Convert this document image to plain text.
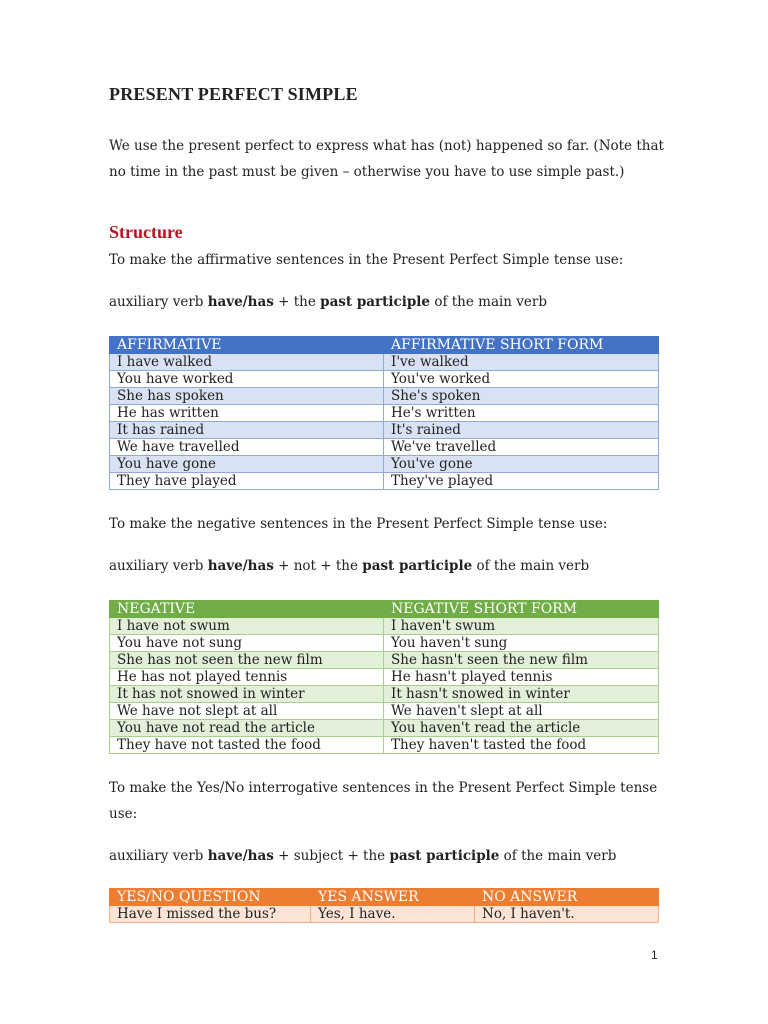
PRESENT PERFECT SIMPLE

We use the present perfect to express what has (not) happened so far. (Note that
no time in the past must be given – otherwise you have to use simple past.)

Structure

To make the affirmative sentences in the Present Perfect Simple tense use:

auxiliary verb have/has + the past participle of the main verb

AFFIRMATIVE	AFFIRMATIVE SHORT FORM
I have walked	I've walked
You have worked	You've worked
She has spoken	She's spoken
He has written	He's written
It has rained	It's rained
We have travelled	We've travelled
You have gone	You've gone
They have played	They've played

To make the negative sentences in the Present Perfect Simple tense use:

auxiliary verb have/has + not + the past participle of the main verb

NEGATIVE	NEGATIVE SHORT FORM
I have not swum	I haven't swum
You have not sung	You haven't sung
She has not seen the new film	She hasn't seen the new film
He has not played tennis	He hasn't played tennis
It has not snowed in winter	It hasn't snowed in winter
We have not slept at all	We haven't slept at all
You have not read the article	You haven't read the article
They have not tasted the food	They haven't tasted the food

To make the Yes/No interrogative sentences in the Present Perfect Simple tense
use:

auxiliary verb have/has + subject + the past participle of the main verb

YES/NO QUESTION	YES ANSWER	NO ANSWER
Have I missed the bus?	Yes, I have.	No, I haven't.
1
